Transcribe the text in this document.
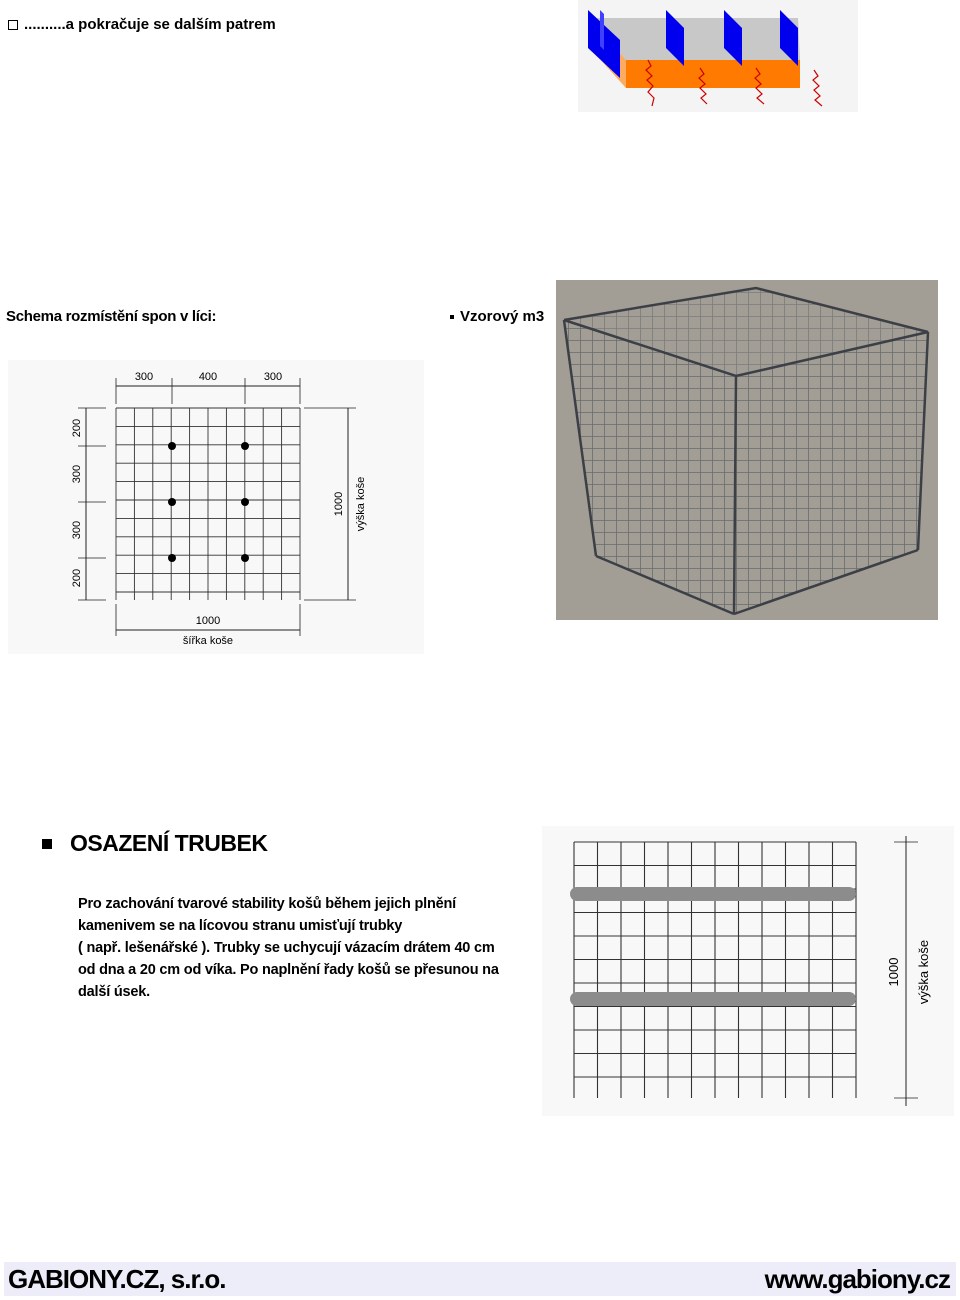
..........a pokračuje se dalším patrem
Schema rozmístění spon v líci:	Vzorový m3
300	400	300
200
300
300
200
1000 výška koše
1000
šířka koše
OSAZENÍ TRUBEK
Pro zachování tvarové stability košů během jejich plnění
kamenivem se na lícovou stranu umisťují trubky
( např. lešenářské ). Trubky se uchycují vázacím drátem 40 cm
od dna a 20 cm od víka. Po naplnění řady košů se přesunou na
další úsek.
1000 výška koše
GABIONY.CZ, s.r.o.	www.gabiony.cz
